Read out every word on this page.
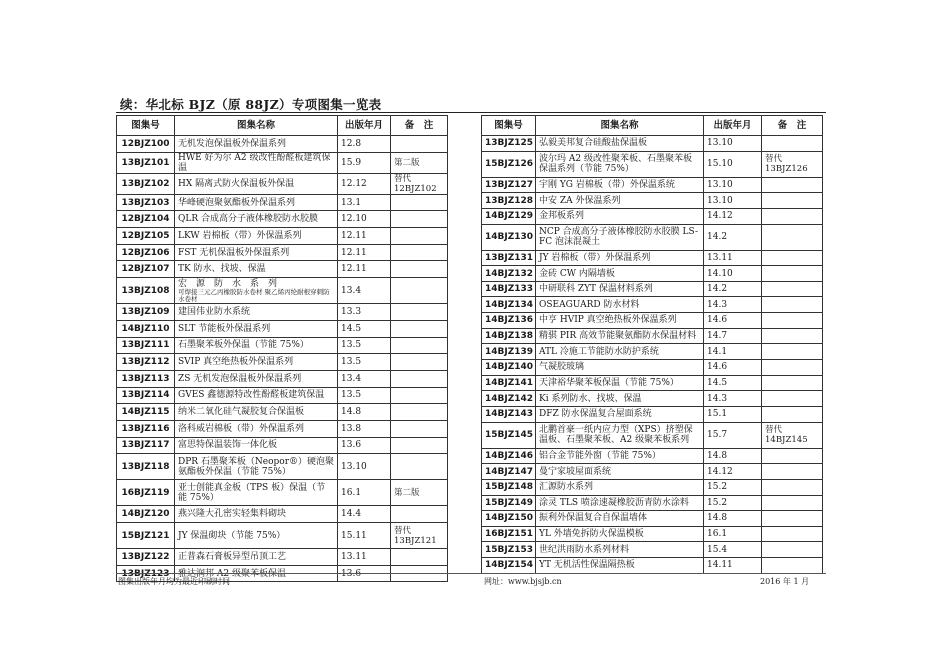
续：华北标 BJZ（原 88JZ）专项图集一览表
图集号	图集名称	出版年月	备　注
12BJZ100	无机发泡保温板外保温系列	12.8	
13BJZ101	HWE 好为尔 A2 级改性酚醛板建筑保温	15.9	第二版
13BJZ102	HX 隔离式防火保温板外保温	12.12	替代 12BJZ102
13BJZ103	华峰硬泡聚氨酯板外保温系列	13.1	
12BJZ104	QLR 合成高分子液体橡胶防水胶膜	12.10	
12BJZ105	LKW 岩棉板（带）外保温系列	12.11	
12BJZ106	FST 无机保温板外保温系列	12.11	
12BJZ107	TK 防水、找坡、保温	12.11	
13BJZ108	宏　源　防　水　系　列
可焊接三元乙丙橡胶防水卷材 聚乙烯丙纶耐根穿刺防水卷材	13.4	
13BJZ109	建国伟业防水系统	13.3	
14BJZ110	SLT 节能板外保温系列	14.5	
13BJZ111	石墨聚苯板外保温（节能 75%）	13.5	
13BJZ112	SVIP 真空绝热板外保温系列	13.5	
13BJZ113	ZS 无机发泡保温板外保温系列	13.4	
13BJZ114	GVES 鑫德源特改性酚醛板建筑保温	13.5	
14BJZ115	纳米二氧化硅气凝胶复合保温板	14.8	
13BJZ116	洛科威岩棉板（带）外保温系列	13.8	
13BJZ117	富思特保温装饰一体化板	13.6	
13BJZ118	DPR 石墨聚苯板（Neopor®）硬泡聚氨酯板外保温（节能 75%）	13.10	
16BJZ119	亚士创能真金板（TPS 板）保温（节能 75%）	16.1	第二版
14BJZ120	燕兴隆大孔密实轻集料砌块	14.4	
15BJZ121	JY 保温砌块（节能 75%）	15.11	替代 13BJZ121
13BJZ122	正普森石膏板异型吊顶工艺	13.11	
13BJZ123	雅达润邦 A2 级聚苯板保温	13.6	
图集号	图集名称	出版年月	备　注
13BJZ125	弘毅美邦复合硅酸盐保温板	13.10	
15BJZ126	波尔玛 A2 级改性聚苯板、石墨聚苯板保温系列（节能 75%）	15.10	替代 13BJZ126
13BJZ127	宇刚 YG 岩棉板（带）外保温系统	13.10	
13BJZ128	中安 ZA 外保温系列	13.10	
14BJZ129	金邦板系列	14.12	
14BJZ130	NCP 合成高分子液体橡胶防水胶膜 LS-FC 泡沫混凝土	14.2	
13BJZ131	JY 岩棉板（带）外保温系列	13.11	
14BJZ132	金砖 CW 内隔墙板	14.10	
14BJZ133	中研联科 ZYT 保温材料系列	14.2	
14BJZ134	OSEAGUARD 防水材料	14.3	
14BJZ136	中亨 HVIP 真空绝热板外保温系列	14.6	
14BJZ138	精骐 PIR 高效节能聚氨酯防水保温材料	14.7	
14BJZ139	ATL 冷施工节能防水防护系统	14.1	
14BJZ140	气凝胶玻璃	14.6	
14BJZ141	天津裕华聚苯板保温（节能 75%）	14.5	
14BJZ142	Ki 系列防水、找坡、保温	14.3	
14BJZ143	DFZ 防水保温复合屋面系统	15.1	
15BJZ145	北鹏首豪一纸内应力型（XPS）挤塑保温板、石墨聚苯板、A2 级聚苯板系列	15.7	替代 14BJZ145
14BJZ146	铝合金节能外窗（节能 75%）	14.8	
14BJZ147	曼宁家坡屋面系统	14.12	
15BJZ148	汇源防水系列	15.2	
15BJZ149	涂灵 TLS 喷涂速凝橡胶沥青防水涂料	15.2	
14BJZ150	振利外保温复合自保温墙体	14.8	
16BJZ151	YL 外墙免拆防火保温模板	16.1	
15BJZ153	世纪洪雨防水系列材料	15.4	
14BJZ154	YT 无机活性保温隔热板	14.11	
图集出版年月均为最近印刷时间	网址：www.bjsjb.cn	2016 年 1 月
